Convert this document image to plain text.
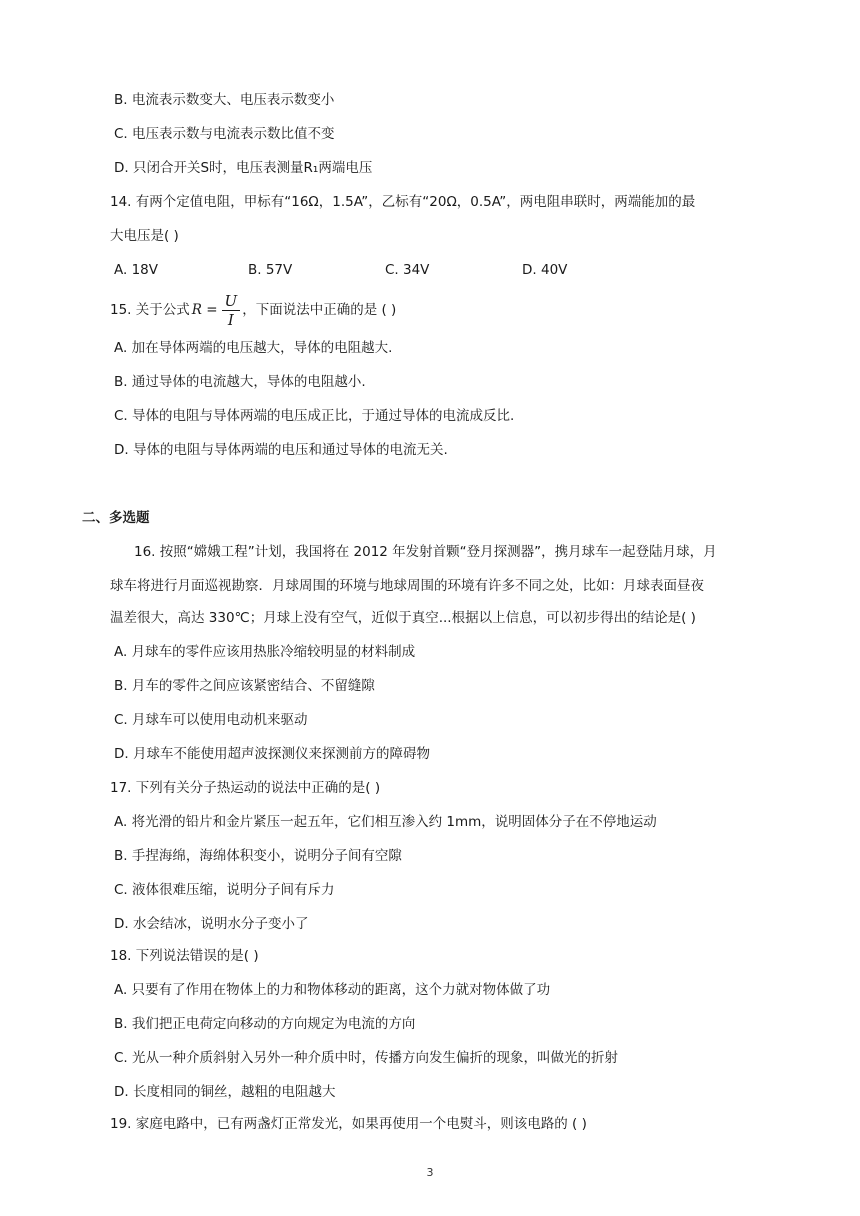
B. 电流表示数变大、电压表示数变小
C. 电压表示数与电流表示数比值不变
D. 只闭合开关S时，电压表测量R₁两端电压
14. 有两个定值电阻，甲标有“16Ω，1.5A”，乙标有“20Ω，0.5A”，两电阻串联时，两端能加的最
大电压是( )
A. 18V	B. 57V	C. 34V	D. 40V
15. 关于公式 $R = \frac{U}{I}$ ，下面说法中正确的是 ( )
A. 加在导体两端的电压越大，导体的电阻越大.
B. 通过导体的电流越大，导体的电阻越小.
C. 导体的电阻与导体两端的电压成正比，于通过导体的电流成反比.
D. 导体的电阻与导体两端的电压和通过导体的电流无关.
二、多选题
16. 按照“嫦娥工程”计划，我国将在 2012 年发射首颗“登月探测器”，携月球车一起登陆月球，月
球车将进行月面巡视勘察．月球周围的环境与地球周围的环境有许多不同之处，比如：月球表面昼夜
温差很大，高达 330℃；月球上没有空气，近似于真空...根据以上信息，可以初步得出的结论是( )
A. 月球车的零件应该用热胀冷缩较明显的材料制成
B. 月车的零件之间应该紧密结合、不留缝隙
C. 月球车可以使用电动机来驱动
D. 月球车不能使用超声波探测仪来探测前方的障碍物
17. 下列有关分子热运动的说法中正确的是( )
A. 将光滑的铅片和金片紧压一起五年，它们相互渗入约 1mm，说明固体分子在不停地运动
B. 手捏海绵，海绵体积变小，说明分子间有空隙
C. 液体很难压缩，说明分子间有斥力
D. 水会结冰，说明水分子变小了
18. 下列说法错误的是( )
A. 只要有了作用在物体上的力和物体移动的距离，这个力就对物体做了功
B. 我们把正电荷定向移动的方向规定为电流的方向
C. 光从一种介质斜射入另外一种介质中时，传播方向发生偏折的现象，叫做光的折射
D. 长度相同的铜丝，越粗的电阻越大
19. 家庭电路中，已有两盏灯正常发光，如果再使用一个电熨斗，则该电路的 ( )
3
